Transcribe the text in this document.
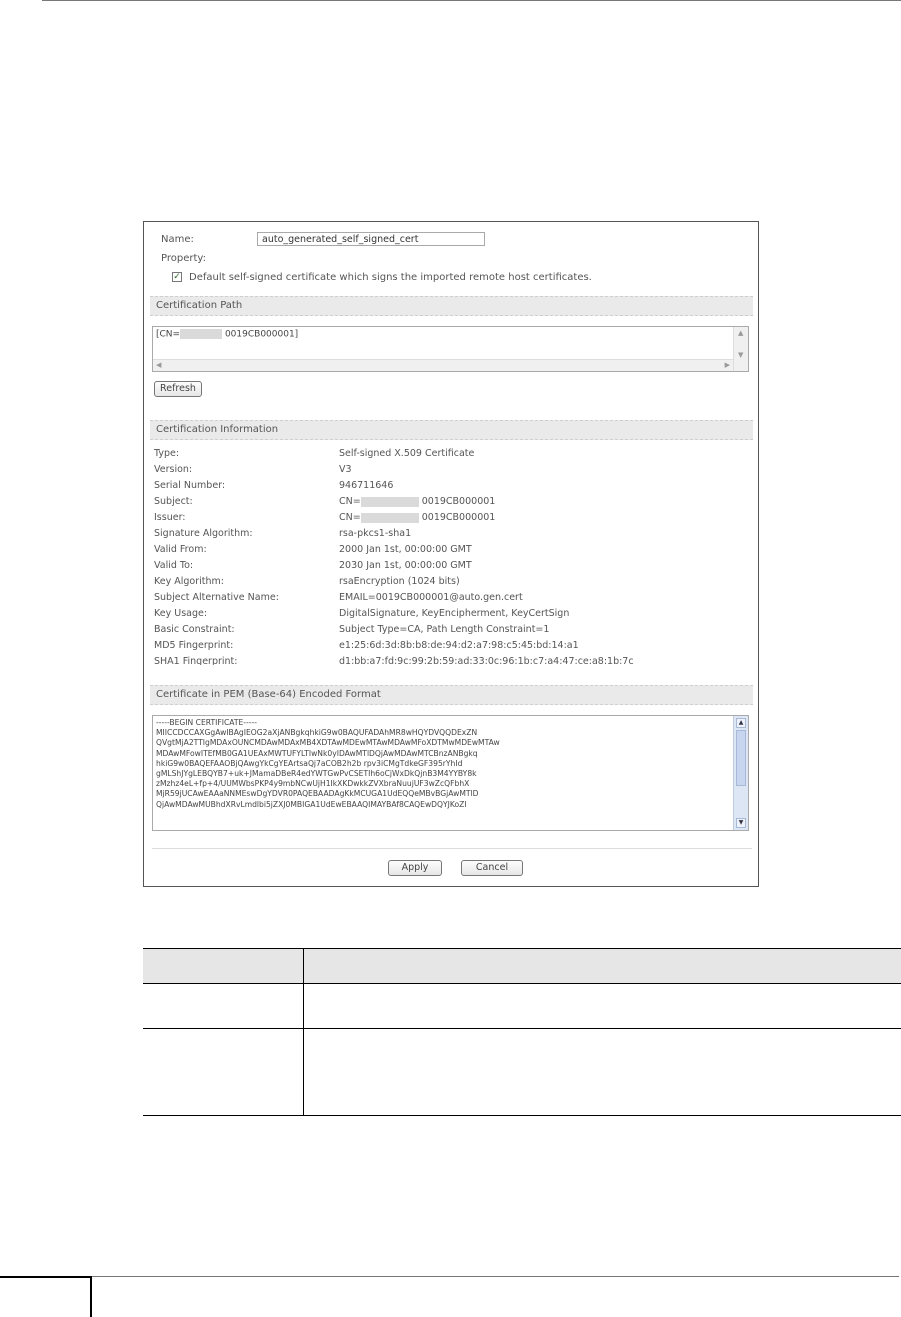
Name:
auto_generated_self_signed_cert
Property:
✓ Default self-signed certificate which signs the imported remote host certificates.
Certification Path
[CN=	0019CB000001]	▲
▼
◀	▶
Refresh
Certification Information
Type:	Self-signed X.509 Certificate
Version:	V3
Serial Number:	946711646
Subject:	CN=	0019CB000001
Issuer:	CN=	0019CB000001
Signature Algorithm:	rsa-pkcs1-sha1
Valid From:	2000 Jan 1st, 00:00:00 GMT
Valid To:	2030 Jan 1st, 00:00:00 GMT
Key Algorithm:	rsaEncryption (1024 bits)
Subject Alternative Name:	EMAIL=0019CB000001@auto.gen.cert
Key Usage:	DigitalSignature, KeyEncipherment, KeyCertSign
Basic Constraint:	Subject Type=CA, Path Length Constraint=1
MD5 Fingerprint:	e1:25:6d:3d:8b:b8:de:94:d2:a7:98:c5:45:bd:14:a1
SHA1 Fingerprint:	d1:bb:a7:fd:9c:99:2b:59:ad:33:0c:96:1b:c7:a4:47:ce:a8:1b:7c
Certificate in PEM (Base-64) Encoded Format
-----BEGIN CERTIFICATE-----
MIICCDCCAXGgAwIBAgIEOG2aXjANBgkqhkiG9w0BAQUFADAhMR8wHQYDVQQDExZN
QVgtMjA2TTIgMDAxOUNCMDAwMDAxMB4XDTAwMDEwMTAwMDAwMFoXDTMwMDEwMTAw
MDAwMFowITEfMB0GA1UEAxMWTUFYLTIwNk0yIDAwMTlDQjAwMDAwMTCBnzANBgkq
hkiG9w0BAQEFAAOBjQAwgYkCgYEArtsaQj7aCOB2h2b rpv3iCMgTdkeGF395rYhId
gMLShJYgLEBQYB7+uk+JMamaDBeR4edYWTGwPvCSETIh6oCjWxDkQjnB3M4YYBY8k
zMzhz4eL+fp+4/UUMWbsPKP4y9mbNCwUjH1IkXKDwkkZVXbraNuujUF3wZcQFbhX
MjR59jUCAwEAAaNNMEswDgYDVR0PAQEBAADAgKkMCUGA1UdEQQeMBvBGjAwMTlD
QjAwMDAwMUBhdXRvLmdlbi5jZXJ0MBIGA1UdEwEBAAQIMAYBAf8CAQEwDQYJKoZI
▲
▼
Apply	Cancel
